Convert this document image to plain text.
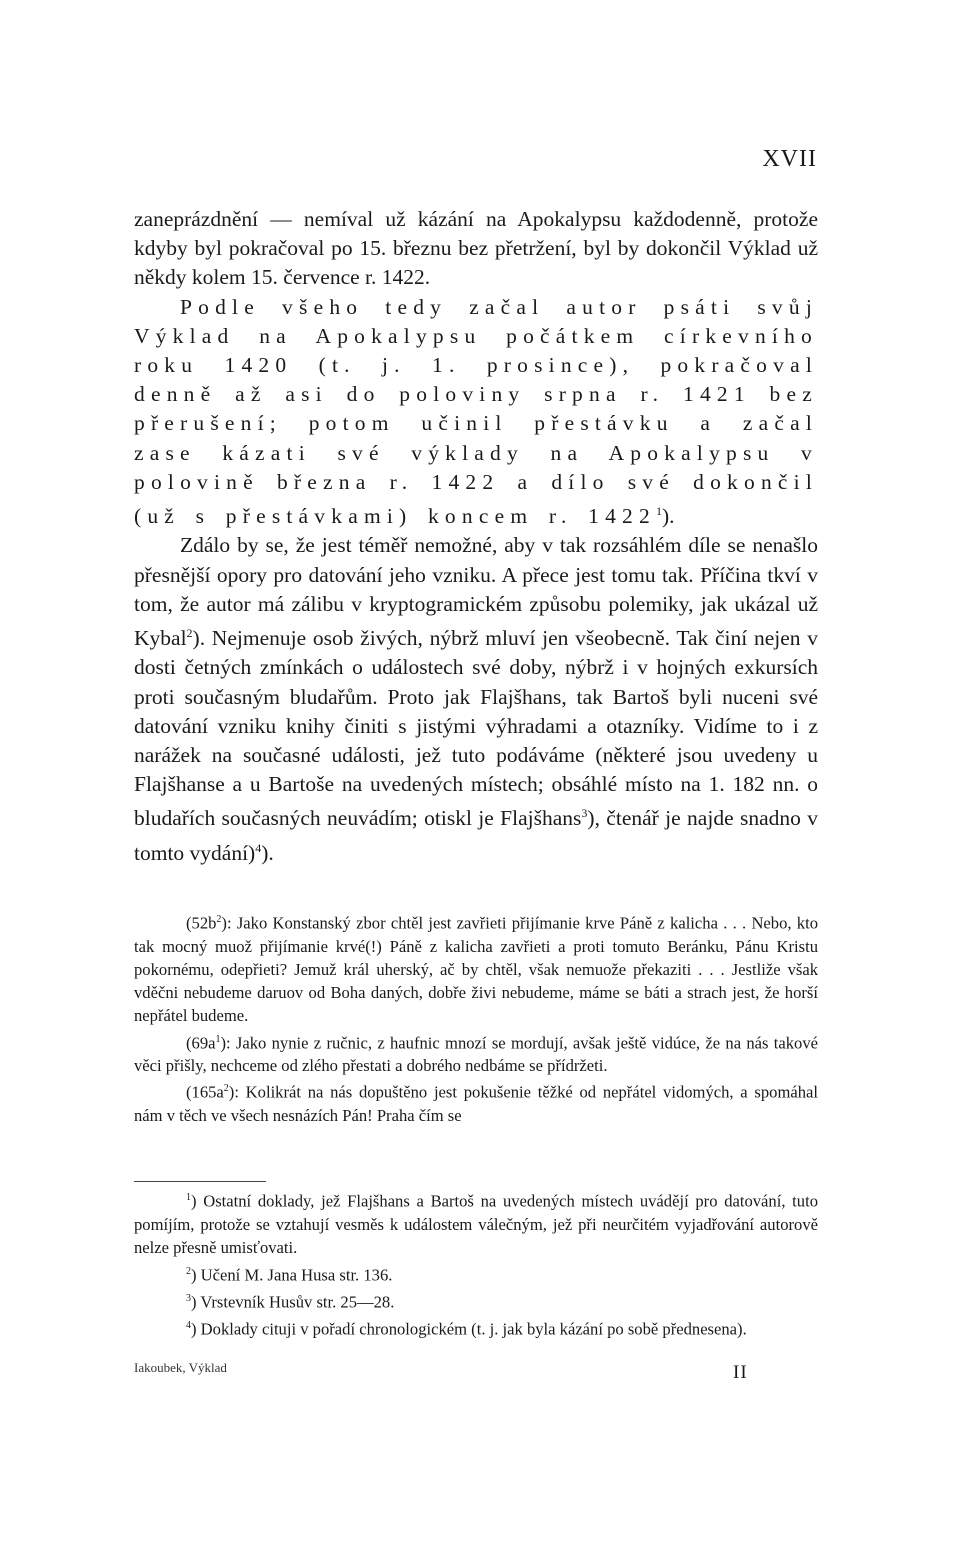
XVII

zaneprázdnění — nemíval už kázání na Apokalypsu každodenně, protože kdyby byl pokračoval po 15. březnu bez přetržení, byl by dokončil Výklad už někdy kolem 15. července r. 1422.

Podle všeho tedy začal autor psáti svůj Výklad na Apokalypsu počátkem církevního roku 1420 (t. j. 1. prosince), pokračoval denně až asi do poloviny srpna r. 1421 bez přerušení; potom učinil přestávku a začal zase kázati své výklady na Apokalypsu v polovině března r. 1422 a dílo své dokončil (už s přestávkami) koncem r. 1422$^1$).

Zdálo by se, že jest téměř nemožné, aby v tak rozsáhlém díle se nenašlo přesnější opory pro datování jeho vzniku. A přece jest tomu tak. Příčina tkví v tom, že autor má zálibu v kryptogramickém způsobu polemiky, jak ukázal už Kybal$^2$). Nejmenuje osob živých, nýbrž mluví jen všeobecně. Tak činí nejen v dosti četných zmínkách o událostech své doby, nýbrž i v hojných exkursích proti současným bludařům. Proto jak Flajšhans, tak Bartoš byli nuceni své datování vzniku knihy činiti s jistými výhradami a otazníky. Vidíme to i z narážek na současné události, jež tuto podáváme (některé jsou uvedeny u Flajšhanse a u Bartoše na uvedených místech; obsáhlé místo na 1. 182 nn. o bludařích současných neuvádím; otiskl je Flajšhans$^3$), čtenář je najde snadno v tomto vydání)$^4$).

$(52b^2)$: Jako Konstanský zbor chtěl jest zavřieti přijímanie krve Páně z kalicha . . . Nebo, kto tak mocný muož přijímanie krvé(!) Páně z kalicha zavřieti a proti tomuto Beránku, Pánu Kristu pokornému, odepřieti? Jemuž král uherský, ač by chtěl, však nemuože překaziti . . . Jestliže však vděčni nebudeme daruov od Boha daných, dobře živi nebudeme, máme se báti a strach jest, že horší nepřátel budeme.

$(69a^1)$: Jako nynie z ručnic, z haufnic mnozí se mordují, avšak ještě vidúce, že na nás takové věci přišly, nechceme od zlého přestati a dobrého nedbáme se přídržeti.

$(165a^2)$: Kolikrát na nás dopuštěno jest pokušenie těžké od nepřátel vidomých, a spomáhal nám v těch ve všech nesnázích Pán! Praha čím se

$^1$) Ostatní doklady, jež Flajšhans a Bartoš na uvedených místech uvádějí pro datování, tuto pomíjím, protože se vztahují vesměs k událostem válečným, jež při neurčitém vyjadřování autorově nelze přesně umisťovati.

$^2$) Učení M. Jana Husa str. 136.

$^3$) Vrstevník Husův str. 25—28.

$^4$) Doklady cituji v pořadí chronologickém (t. j. jak byla kázání po sobě přednesena).

Iakoubek, Výklad	II
